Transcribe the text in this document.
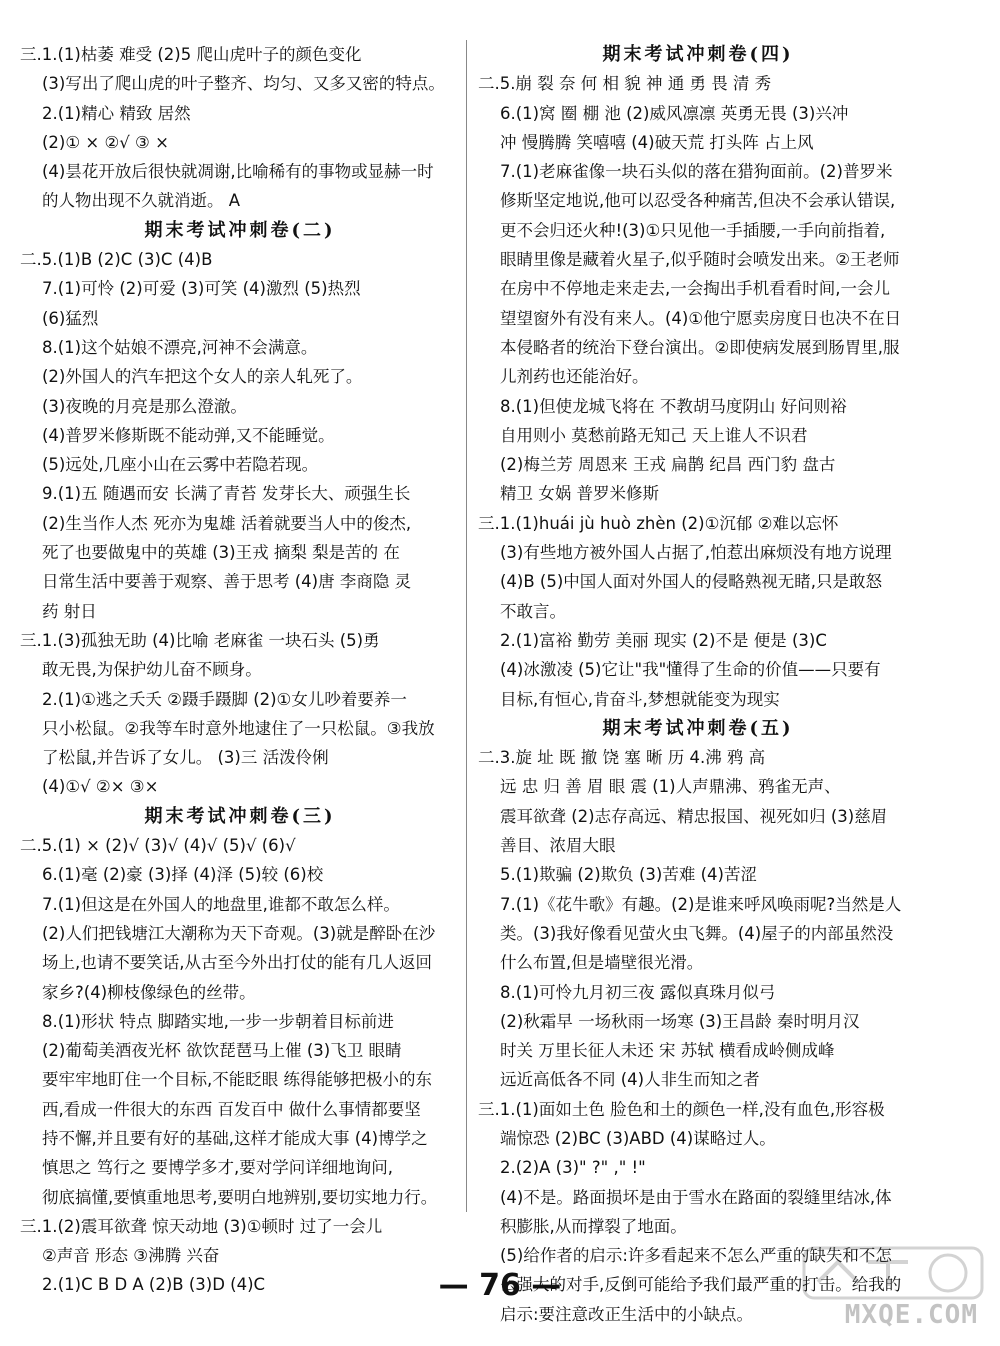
三.1.(1)枯萎 难受 (2)5 爬山虎叶子的颜色变化
(3)写出了爬山虎的叶子整齐、均匀、又多又密的特点。
2.(1)精心 精致 居然
(2)① × ②√ ③ ×
(4)昙花开放后很快就凋谢,比喻稀有的事物或显赫一时
的人物出现不久就消逝。 A
期末考试冲刺卷(二)
二.5.(1)B (2)C (3)C (4)B
7.(1)可怜 (2)可爱 (3)可笑 (4)激烈 (5)热烈
(6)猛烈
8.(1)这个姑娘不漂亮,河神不会满意。
(2)外国人的汽车把这个女人的亲人轧死了。
(3)夜晚的月亮是那么澄澈。
(4)普罗米修斯既不能动弹,又不能睡觉。
(5)远处,几座小山在云雾中若隐若现。
9.(1)五 随遇而安 长满了青苔 发芽长大、顽强生长
(2)生当作人杰 死亦为鬼雄 活着就要当人中的俊杰,
死了也要做鬼中的英雄 (3)王戎 摘梨 梨是苦的 在
日常生活中要善于观察、善于思考 (4)唐 李商隐 灵
药 射日
三.1.(3)孤独无助 (4)比喻 老麻雀 一块石头 (5)勇
敢无畏,为保护幼儿奋不顾身。
2.(1)①逃之夭夭 ②蹑手蹑脚 (2)①女儿吵着要养一
只小松鼠。②我等车时意外地逮住了一只松鼠。③我放
了松鼠,并告诉了女儿。 (3)三 活泼伶俐
(4)①√ ②× ③×
期末考试冲刺卷(三)
二.5.(1) × (2)√ (3)√ (4)√ (5)√ (6)√
6.(1)毫 (2)豪 (3)择 (4)泽 (5)较 (6)校
7.(1)但这是在外国人的地盘里,谁都不敢怎么样。
(2)人们把钱塘江大潮称为天下奇观。(3)就是醉卧在沙
场上,也请不要笑话,从古至今外出打仗的能有几人返回
家乡?(4)柳枝像绿色的丝带。
8.(1)形状 特点 脚踏实地,一步一步朝着目标前进
(2)葡萄美酒夜光杯 欲饮琵琶马上催 (3)飞卫 眼睛
要牢牢地盯住一个目标,不能眨眼 练得能够把极小的东
西,看成一件很大的东西 百发百中 做什么事情都要坚
持不懈,并且要有好的基础,这样才能成大事 (4)博学之
慎思之 笃行之 要博学多才,要对学问详细地询问,
彻底搞懂,要慎重地思考,要明白地辨别,要切实地力行。
三.1.(2)震耳欲聋 惊天动地 (3)①顿时 过了一会儿
②声音 形态 ③沸腾 兴奋
2.(1)C B D A (2)B (3)D (4)C
期末考试冲刺卷(四)
二.5.崩 裂 奈 何 相 貌 神 通 勇 畏 清 秀
6.(1)窝 圈 棚 池 (2)威风凛凛 英勇无畏 (3)兴冲
冲 慢腾腾 笑嘻嘻 (4)破天荒 打头阵 占上风
7.(1)老麻雀像一块石头似的落在猎狗面前。(2)普罗米
修斯坚定地说,他可以忍受各种痛苦,但决不会承认错误,
更不会归还火种!(3)①只见他一手插腰,一手向前指着,
眼睛里像是藏着火星子,似乎随时会喷发出来。②王老师
在房中不停地走来走去,一会掏出手机看看时间,一会儿
望望窗外有没有来人。(4)①他宁愿卖房度日也决不在日
本侵略者的统治下登台演出。②即使病发展到肠胃里,服
儿剂药也还能治好。
8.(1)但使龙城飞将在 不教胡马度阴山 好问则裕
自用则小 莫愁前路无知己 天上谁人不识君
(2)梅兰芳 周恩来 王戎 扁鹊 纪昌 西门豹 盘古
精卫 女娲 普罗米修斯
三.1.(1)huái jù huò zhèn (2)①沉郁 ②难以忘怀
(3)有些地方被外国人占据了,怕惹出麻烦没有地方说理
(4)B (5)中国人面对外国人的侵略熟视无睹,只是敢怒
不敢言。
2.(1)富裕 勤劳 美丽 现实 (2)不是 便是 (3)C
(4)冰激凌 (5)它让"我"懂得了生命的价值——只要有
目标,有恒心,肯奋斗,梦想就能变为现实
期末考试冲刺卷(五)
二.3.旋 址 既 撤 饶 塞 晰 历 4.沸 鸦 高
远 忠 归 善 眉 眼 震 (1)人声鼎沸、鸦雀无声、
震耳欲聋 (2)志存高远、精忠报国、视死如归 (3)慈眉
善目、浓眉大眼
5.(1)欺骗 (2)欺负 (3)苦难 (4)苦涩
7.(1)《花牛歌》有趣。(2)是谁来呼风唤雨呢?当然是人
类。(3)我好像看见萤火虫飞舞。(4)屋子的内部虽然没
什么布置,但是墙壁很光滑。
8.(1)可怜九月初三夜 露似真珠月似弓
(2)秋霜早 一场秋雨一场寒 (3)王昌龄 秦时明月汉
时关 万里长征人未还 宋 苏轼 横看成岭侧成峰
远近高低各不同 (4)人非生而知之者
三.1.(1)面如土色 脸色和土的颜色一样,没有血色,形容极
端惊恐 (2)BC (3)ABD (4)谋略过人。
2.(2)A (3)" ?" ," !"
(4)不是。路面损坏是由于雪水在路面的裂缝里结冰,体
积膨胀,从而撑裂了地面。
(5)给作者的启示:许多看起来不怎么严重的缺失和不怎
么强大的对手,反倒可能给予我们最严重的打击。给我的
启示:要注意改正生活中的小缺点。
— 76 —
MXQE.COM
